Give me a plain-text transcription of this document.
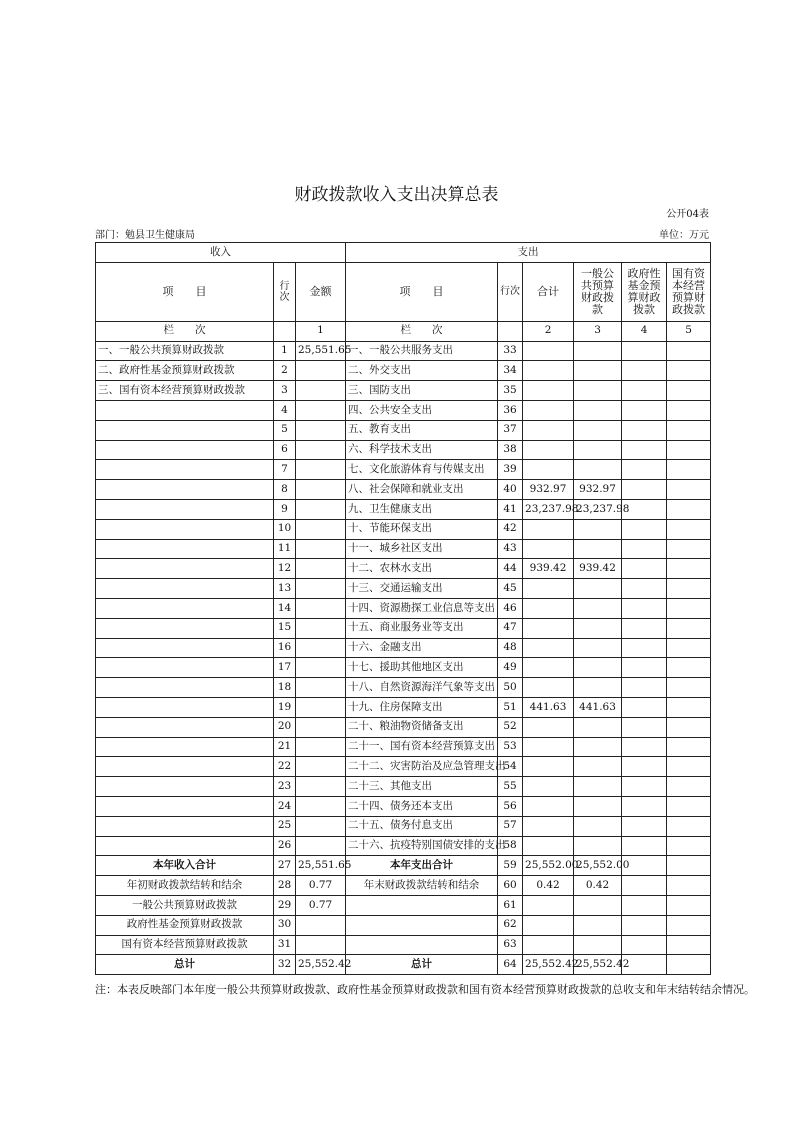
财政拨款收入支出决算总表
公开04表
部门：勉县卫生健康局	单位：万元
收入			支出					
项　　目	行次	金额	项　　目	行次	合计	一般公共预算财政拨款	政府性基金预算财政拨款	国有资本经营预算财政拨款
栏　　次		1	栏　　次		2	3	4	5
一、一般公共预算财政拨款	1	25,551.65	一、一般公共服务支出	33				
二、政府性基金预算财政拨款	2		二、外交支出	34				
三、国有资本经营预算财政拨款	3		三、国防支出	35				
	4		四、公共安全支出	36				
	5		五、教育支出	37				
	6		六、科学技术支出	38				
	7		七、文化旅游体育与传媒支出	39				
	8		八、社会保障和就业支出	40	932.97	932.97		
	9		九、卫生健康支出	41	23,237.98	23,237.98		
	10		十、节能环保支出	42				
	11		十一、城乡社区支出	43				
	12		十二、农林水支出	44	939.42	939.42		
	13		十三、交通运输支出	45				
	14		十四、资源勘探工业信息等支出	46				
	15		十五、商业服务业等支出	47				
	16		十六、金融支出	48				
	17		十七、援助其他地区支出	49				
	18		十八、自然资源海洋气象等支出	50				
	19		十九、住房保障支出	51	441.63	441.63		
	20		二十、粮油物资储备支出	52				
	21		二十一、国有资本经营预算支出	53				
	22		二十二、灾害防治及应急管理支出	54				
	23		二十三、其他支出	55				
	24		二十四、债务还本支出	56				
	25		二十五、债务付息支出	57				
	26		二十六、抗疫特别国债安排的支出	58				
本年收入合计	27	25,551.65	本年支出合计	59	25,552.00	25,552.00		
年初财政拨款结转和结余	28	0.77	年末财政拨款结转和结余	60	0.42	0.42		
一般公共预算财政拨款	29	0.77		61				
政府性基金预算财政拨款	30			62				
国有资本经营预算财政拨款	31			63				
总计	32	25,552.42	总计	64	25,552.42	25,552.42		
注：本表反映部门本年度一般公共预算财政拨款、政府性基金预算财政拨款和国有资本经营预算财政拨款的总收支和年末结转结余情况。
